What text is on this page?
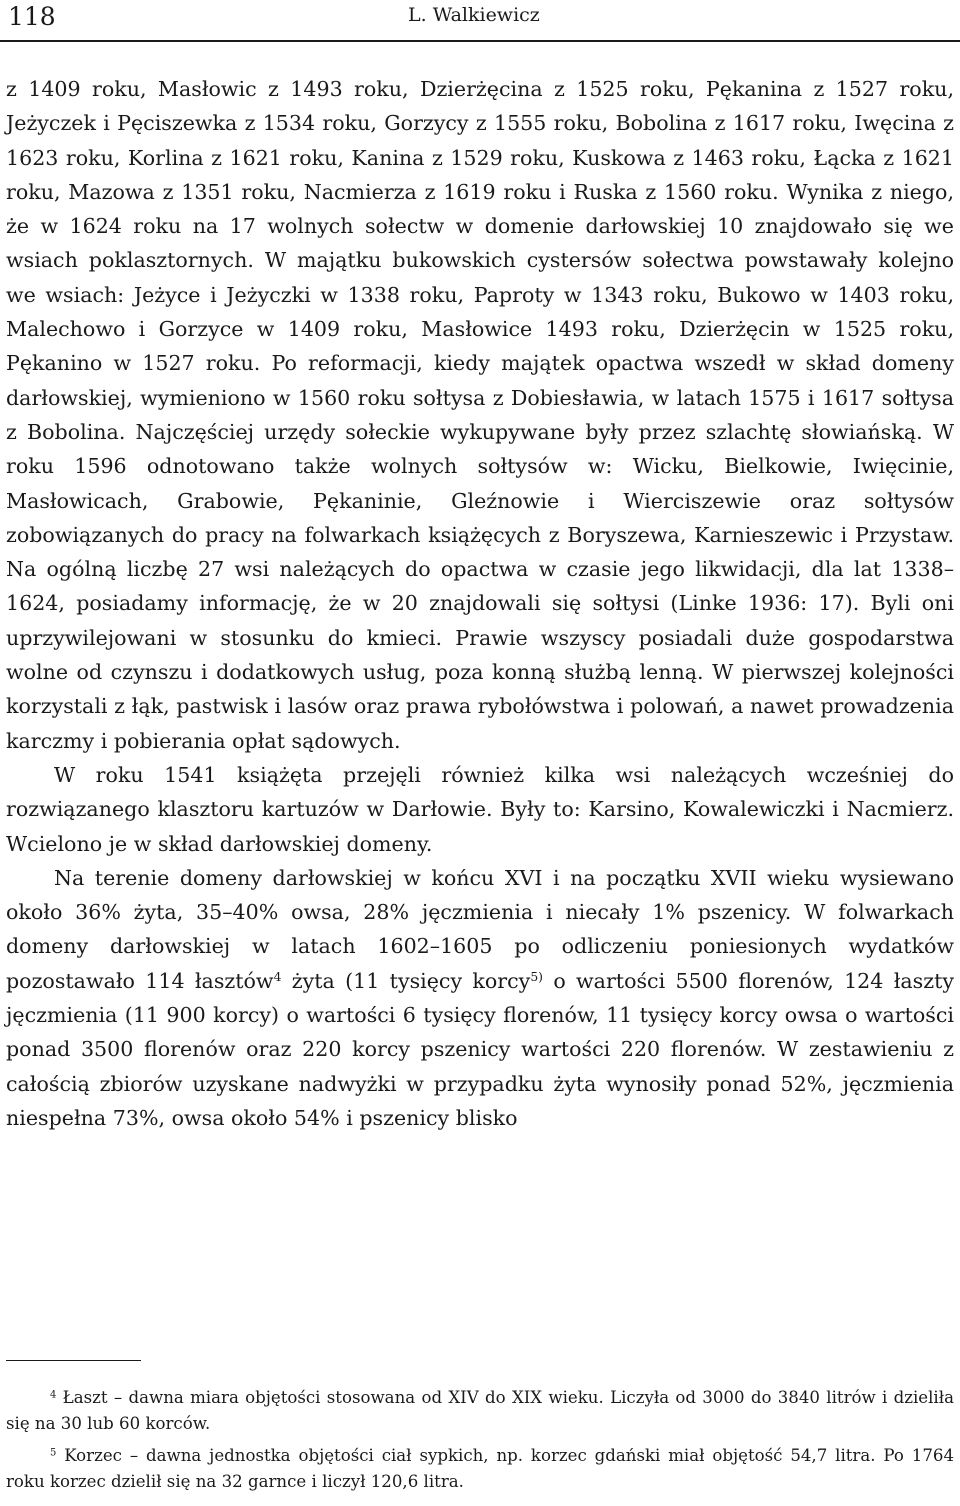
118	L. Walkiewicz

z 1409 roku, Masłowic z 1493 roku, Dzierżęcina z 1525 roku, Pękanina z 1527 roku, Jeżyczek i Pęciszewka z 1534 roku, Gorzycy z 1555 roku, Bobolina z 1617 roku, Iwęcina z 1623 roku, Korlina z 1621 roku, Kanina z 1529 roku, Kuskowa z 1463 roku, Łącka z 1621 roku, Mazowa z 1351 roku, Nacmierza z 1619 roku i Ruska z 1560 roku. Wynika z niego, że w 1624 roku na 17 wolnych sołectw w domenie darłowskiej 10 znajdowało się we wsiach poklasztornych. W majątku bukowskich cystersów sołectwa powstawały kolejno we wsiach: Jeżyce i Jeżyczki w 1338 roku, Paproty w 1343 roku, Bukowo w 1403 roku, Malechowo i Gorzyce w 1409 roku, Masłowice 1493 roku, Dzierżęcin w 1525 roku, Pękanino w 1527 roku. Po reformacji, kiedy majątek opactwa wszedł w skład domeny darłowskiej, wymieniono w 1560 roku sołtysa z Dobiesławia, w latach 1575 i 1617 sołtysa z Bobolina. Najczęściej urzędy sołeckie wykupywane były przez szlachtę słowiańską. W roku 1596 odnotowano także wolnych sołtysów w: Wicku, Bielkowie, Iwięcinie, Masłowicach, Grabowie, Pękaninie, Gleźnowie i Wierciszewie oraz sołtysów zobowiązanych do pracy na folwarkach książęcych z Boryszewa, Karnieszewic i Przystaw. Na ogólną liczbę 27 wsi należących do opactwa w czasie jego likwidacji, dla lat 1338–1624, posiadamy informację, że w 20 znajdowali się sołtysi (Linke 1936: 17). Byli oni uprzywilejowani w stosunku do kmieci. Prawie wszyscy posiadali duże gospodarstwa wolne od czynszu i dodatkowych usług, poza konną służbą lenną. W pierwszej kolejności korzystali z łąk, pastwisk i lasów oraz prawa rybołówstwa i polowań, a nawet prowadzenia karczmy i pobierania opłat sądowych.

W roku 1541 książęta przejęli również kilka wsi należących wcześniej do rozwiązanego klasztoru kartuzów w Darłowie. Były to: Karsino, Kowalewiczki i Nacmierz. Wcielono je w skład darłowskiej domeny.

Na terenie domeny darłowskiej w końcu XVI i na początku XVII wieku wysiewano około 36% żyta, 35–40% owsa, 28% jęczmienia i niecały 1% pszenicy. W folwarkach domeny darłowskiej w latach 1602–1605 po odliczeniu poniesionych wydatków pozostawało 114 łasztów$^4$ żyta (11 tysięcy korcy$^{5)}$ o wartości 5500 florenów, 124 łaszty jęczmienia (11 900 korcy) o wartości 6 tysięcy florenów, 11 tysięcy korcy owsa o wartości ponad 3500 florenów oraz 220 korcy pszenicy wartości 220 florenów. W zestawieniu z całością zbiorów uzyskane nadwyżki w przypadku żyta wynosiły ponad 52%, jęczmienia niespełna 73%, owsa około 54% i pszenicy blisko

$^4$ Łaszt – dawna miara objętości stosowana od XIV do XIX wieku. Liczyła od 3000 do 3840 litrów i dzieliła się na 30 lub 60 korców.

$^5$ Korzec – dawna jednostka objętości ciał sypkich, np. korzec gdański miał objętość 54,7 litra. Po 1764 roku korzec dzielił się na 32 garnce i liczył 120,6 litra.
